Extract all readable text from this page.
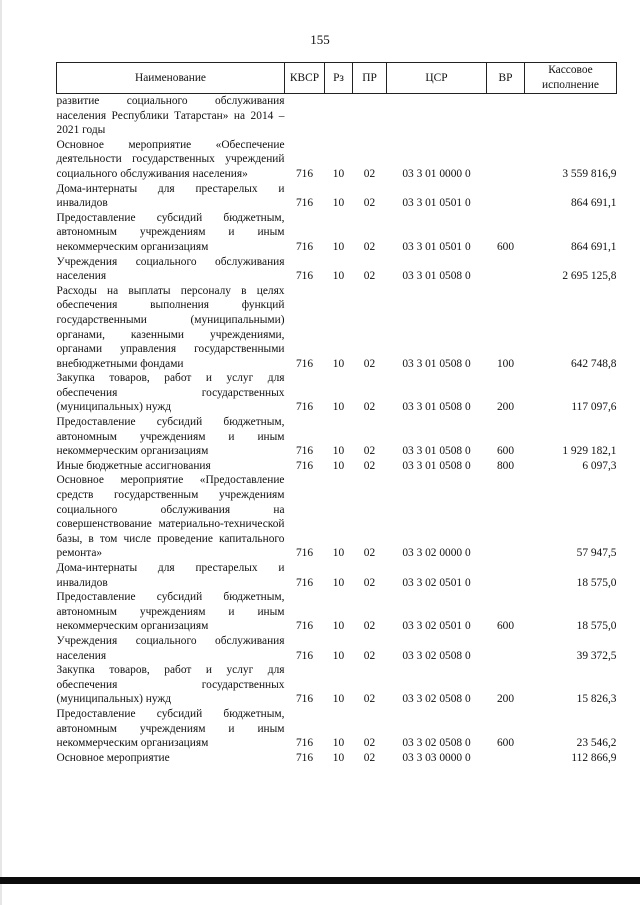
155
Наименование	КВСР	Рз	ПР	ЦСР	ВР	Кассовое
исполнение
развитие социального обслуживания населения Республики Татарстан» на 2014 – 2021 годы						
Основное мероприятие «Обеспечение деятельности государственных учреждений социального обслуживания населения»	716	10	02	03 3 01 0000 0		3 559 816,9
Дома-интернаты для престарелых и инвалидов	716	10	02	03 3 01 0501 0		864 691,1
Предоставление субсидий бюджетным, автономным учреждениям и иным некоммерческим организациям	716	10	02	03 3 01 0501 0	600	864 691,1
Учреждения социального обслуживания населения	716	10	02	03 3 01 0508 0		2 695 125,8
Расходы на выплаты персоналу в целях обеспечения выполнения функций государственными (муниципальными) органами, казенными учреждениями, органами управления государственными внебюджетными фондами	716	10	02	03 3 01 0508 0	100	642 748,8
Закупка товаров, работ и услуг для обеспечения государственных (муниципальных) нужд	716	10	02	03 3 01 0508 0	200	117 097,6
Предоставление субсидий бюджетным, автономным учреждениям и иным некоммерческим организациям	716	10	02	03 3 01 0508 0	600	1 929 182,1
Иные бюджетные ассигнования	716	10	02	03 3 01 0508 0	800	6 097,3
Основное мероприятие «Предоставление средств государственным учреждениям социального обслуживания на совершенствование материально-технической базы, в том числе проведение капитального ремонта»	716	10	02	03 3 02 0000 0		57 947,5
Дома-интернаты для престарелых и инвалидов	716	10	02	03 3 02 0501 0		18 575,0
Предоставление субсидий бюджетным, автономным учреждениям и иным некоммерческим организациям	716	10	02	03 3 02 0501 0	600	18 575,0
Учреждения социального обслуживания населения	716	10	02	03 3 02 0508 0		39 372,5
Закупка товаров, работ и услуг для обеспечения государственных (муниципальных) нужд	716	10	02	03 3 02 0508 0	200	15 826,3
Предоставление субсидий бюджетным, автономным учреждениям и иным некоммерческим организациям	716	10	02	03 3 02 0508 0	600	23 546,2
Основное мероприятие	716	10	02	03 3 03 0000 0		112 866,9
